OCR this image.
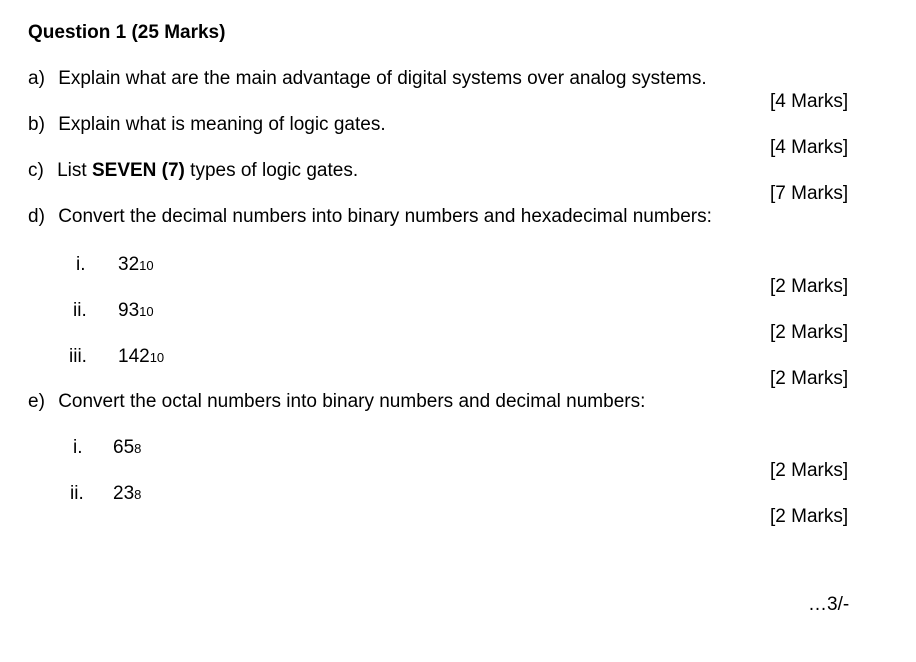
Question 1 (25 Marks)
a) Explain what are the main advantage of digital systems over analog systems.
[4 Marks]
b) Explain what is meaning of logic gates.
[4 Marks]
c) List SEVEN (7) types of logic gates.
[7 Marks]
d) Convert the decimal numbers into binary numbers and hexadecimal numbers:
i. 3210
[2 Marks]
ii. 9310
[2 Marks]
iii. 14210
[2 Marks]
e) Convert the octal numbers into binary numbers and decimal numbers:
i. 658
[2 Marks]
ii. 238
[2 Marks]
…3/-
